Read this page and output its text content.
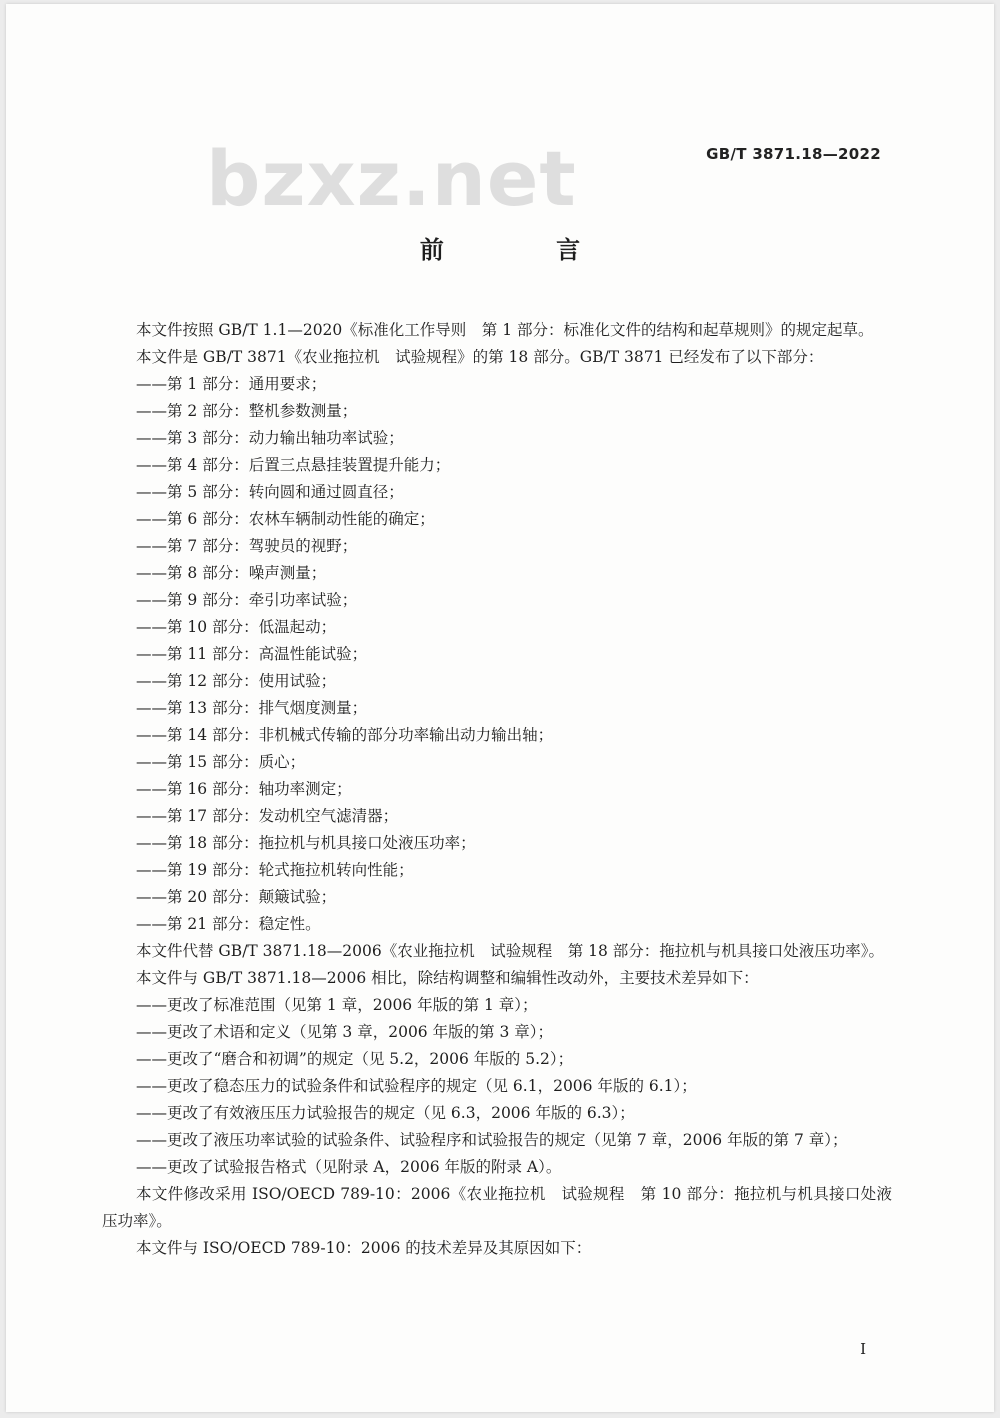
bzxz.net	GB/T 3871.18—2022
前 言

本文件按照 GB/T 1.1—2020《标准化工作导则　第 1 部分：标准化文件的结构和起草规则》的规定起草。

本文件是 GB/T 3871《农业拖拉机　试验规程》的第 18 部分。GB/T 3871 已经发布了以下部分：

——第 1 部分：通用要求；

——第 2 部分：整机参数测量；

——第 3 部分：动力输出轴功率试验；

——第 4 部分：后置三点悬挂装置提升能力；

——第 5 部分：转向圆和通过圆直径；

——第 6 部分：农林车辆制动性能的确定；

——第 7 部分：驾驶员的视野；

——第 8 部分：噪声测量；

——第 9 部分：牵引功率试验；

——第 10 部分：低温起动；

——第 11 部分：高温性能试验；

——第 12 部分：使用试验；

——第 13 部分：排气烟度测量；

——第 14 部分：非机械式传输的部分功率输出动力输出轴；

——第 15 部分：质心；

——第 16 部分：轴功率测定；

——第 17 部分：发动机空气滤清器；

——第 18 部分：拖拉机与机具接口处液压功率；

——第 19 部分：轮式拖拉机转向性能；

——第 20 部分：颠簸试验；

——第 21 部分：稳定性。

本文件代替 GB/T 3871.18—2006《农业拖拉机　试验规程　第 18 部分：拖拉机与机具接口处液压功率》。

本文件与 GB/T 3871.18—2006 相比，除结构调整和编辑性改动外，主要技术差异如下：

——更改了标准范围（见第 1 章，2006 年版的第 1 章）；

——更改了术语和定义（见第 3 章，2006 年版的第 3 章）；

——更改了“磨合和初调”的规定（见 5.2，2006 年版的 5.2）；

——更改了稳态压力的试验条件和试验程序的规定（见 6.1，2006 年版的 6.1）；

——更改了有效液压压力试验报告的规定（见 6.3，2006 年版的 6.3）；

——更改了液压功率试验的试验条件、试验程序和试验报告的规定（见第 7 章，2006 年版的第 7 章）；

——更改了试验报告格式（见附录 A，2006 年版的附录 A）。

本文件修改采用 ISO/OECD 789-10：2006《农业拖拉机　试验规程　第 10 部分：拖拉机与机具接口处液压功率》。

本文件与 ISO/OECD 789-10：2006 的技术差异及其原因如下：

I
